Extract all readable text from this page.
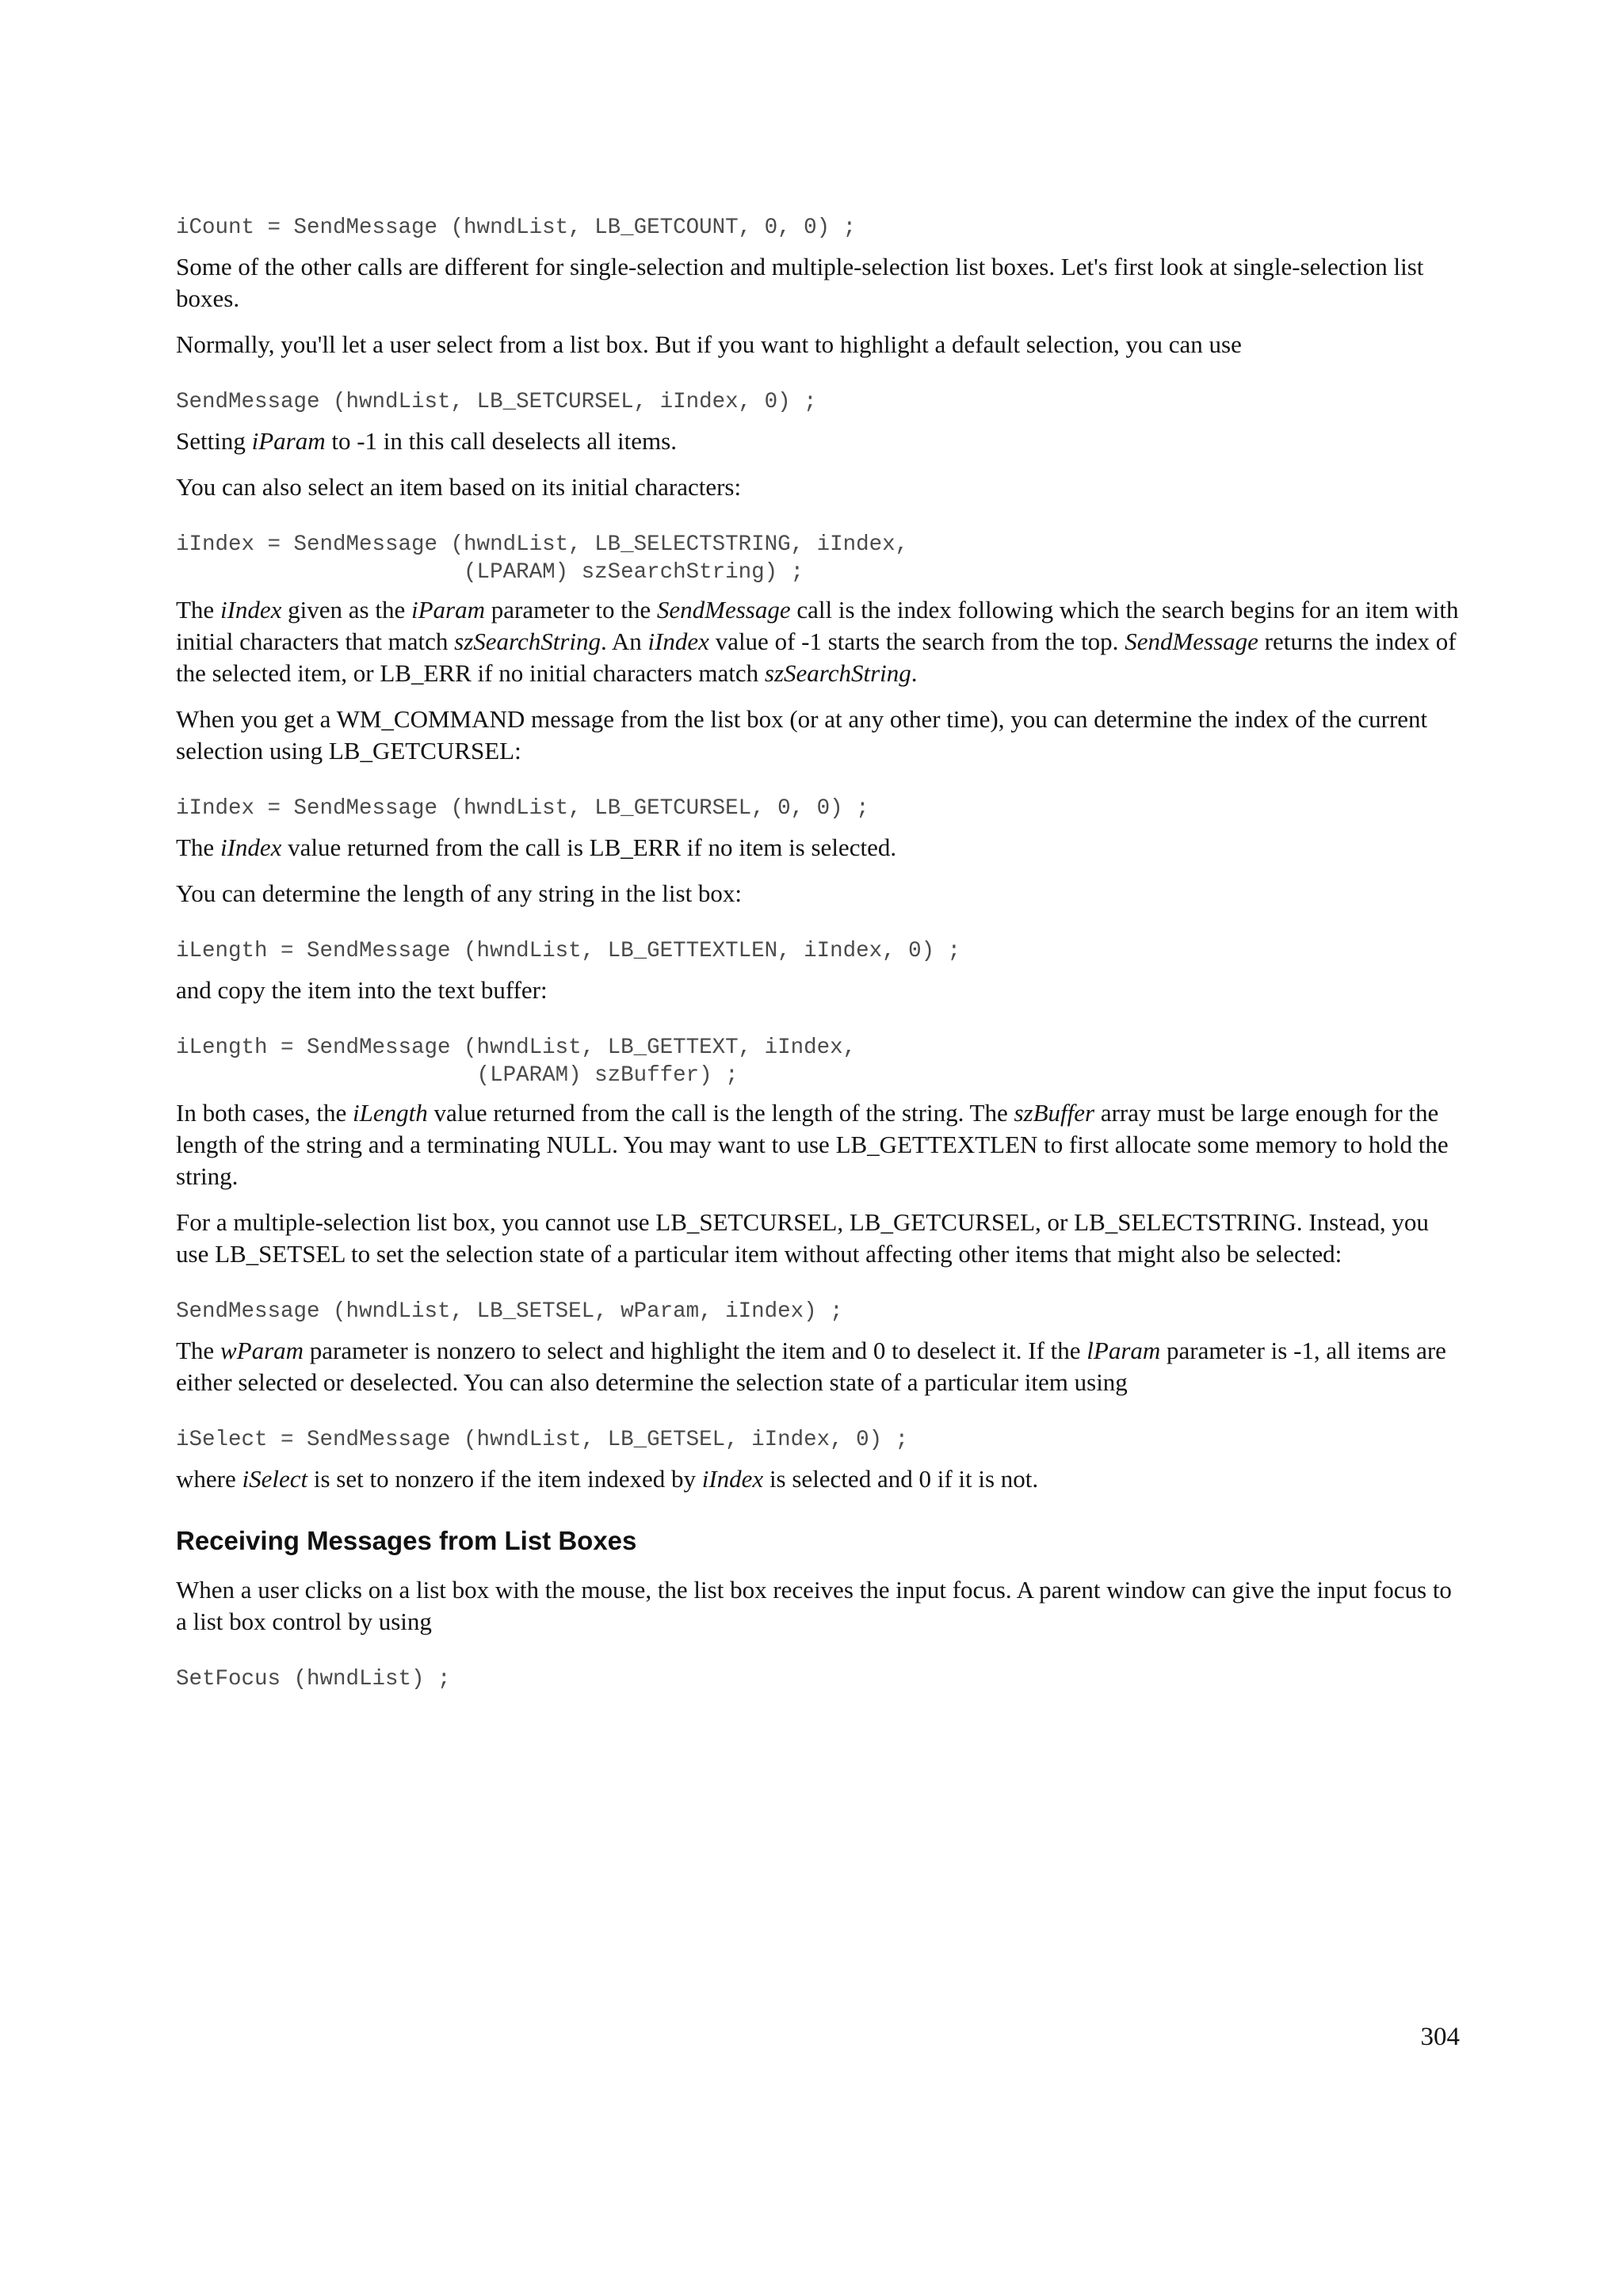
iCount = SendMessage (hwndList, LB_GETCOUNT, 0, 0) ;

Some of the other calls are different for single-selection and multiple-selection list boxes. Let's first look at single-selection list boxes.

Normally, you'll let a user select from a list box. But if you want to highlight a default selection, you can use

SendMessage (hwndList, LB_SETCURSEL, iIndex, 0) ;

Setting iParam to -1 in this call deselects all items.

You can also select an item based on its initial characters:

iIndex = SendMessage (hwndList, LB_SELECTSTRING, iIndex,
(LPARAM) szSearchString) ;

The iIndex given as the iParam parameter to the SendMessage call is the index following which the search begins for an item with initial characters that match szSearchString. An iIndex value of -1 starts the search from the top. SendMessage returns the index of the selected item, or LB_ERR if no initial characters match szSearchString.

When you get a WM_COMMAND message from the list box (or at any other time), you can determine the index of the current selection using LB_GETCURSEL:

iIndex = SendMessage (hwndList, LB_GETCURSEL, 0, 0) ;

The iIndex value returned from the call is LB_ERR if no item is selected.

You can determine the length of any string in the list box:

iLength = SendMessage (hwndList, LB_GETTEXTLEN, iIndex, 0) ;

and copy the item into the text buffer:

iLength = SendMessage (hwndList, LB_GETTEXT, iIndex,
(LPARAM) szBuffer) ;

In both cases, the iLength value returned from the call is the length of the string. The szBuffer array must be large enough for the length of the string and a terminating NULL. You may want to use LB_GETTEXTLEN to first allocate some memory to hold the string.

For a multiple-selection list box, you cannot use LB_SETCURSEL, LB_GETCURSEL, or LB_SELECTSTRING. Instead, you use LB_SETSEL to set the selection state of a particular item without affecting other items that might also be selected:

SendMessage (hwndList, LB_SETSEL, wParam, iIndex) ;

The wParam parameter is nonzero to select and highlight the item and 0 to deselect it. If the lParam parameter is -1, all items are either selected or deselected. You can also determine the selection state of a particular item using

iSelect = SendMessage (hwndList, LB_GETSEL, iIndex, 0) ;

where iSelect is set to nonzero if the item indexed by iIndex is selected and 0 if it is not.

Receiving Messages from List Boxes

When a user clicks on a list box with the mouse, the list box receives the input focus. A parent window can give the input focus to a list box control by using

SetFocus (hwndList) ;
304
